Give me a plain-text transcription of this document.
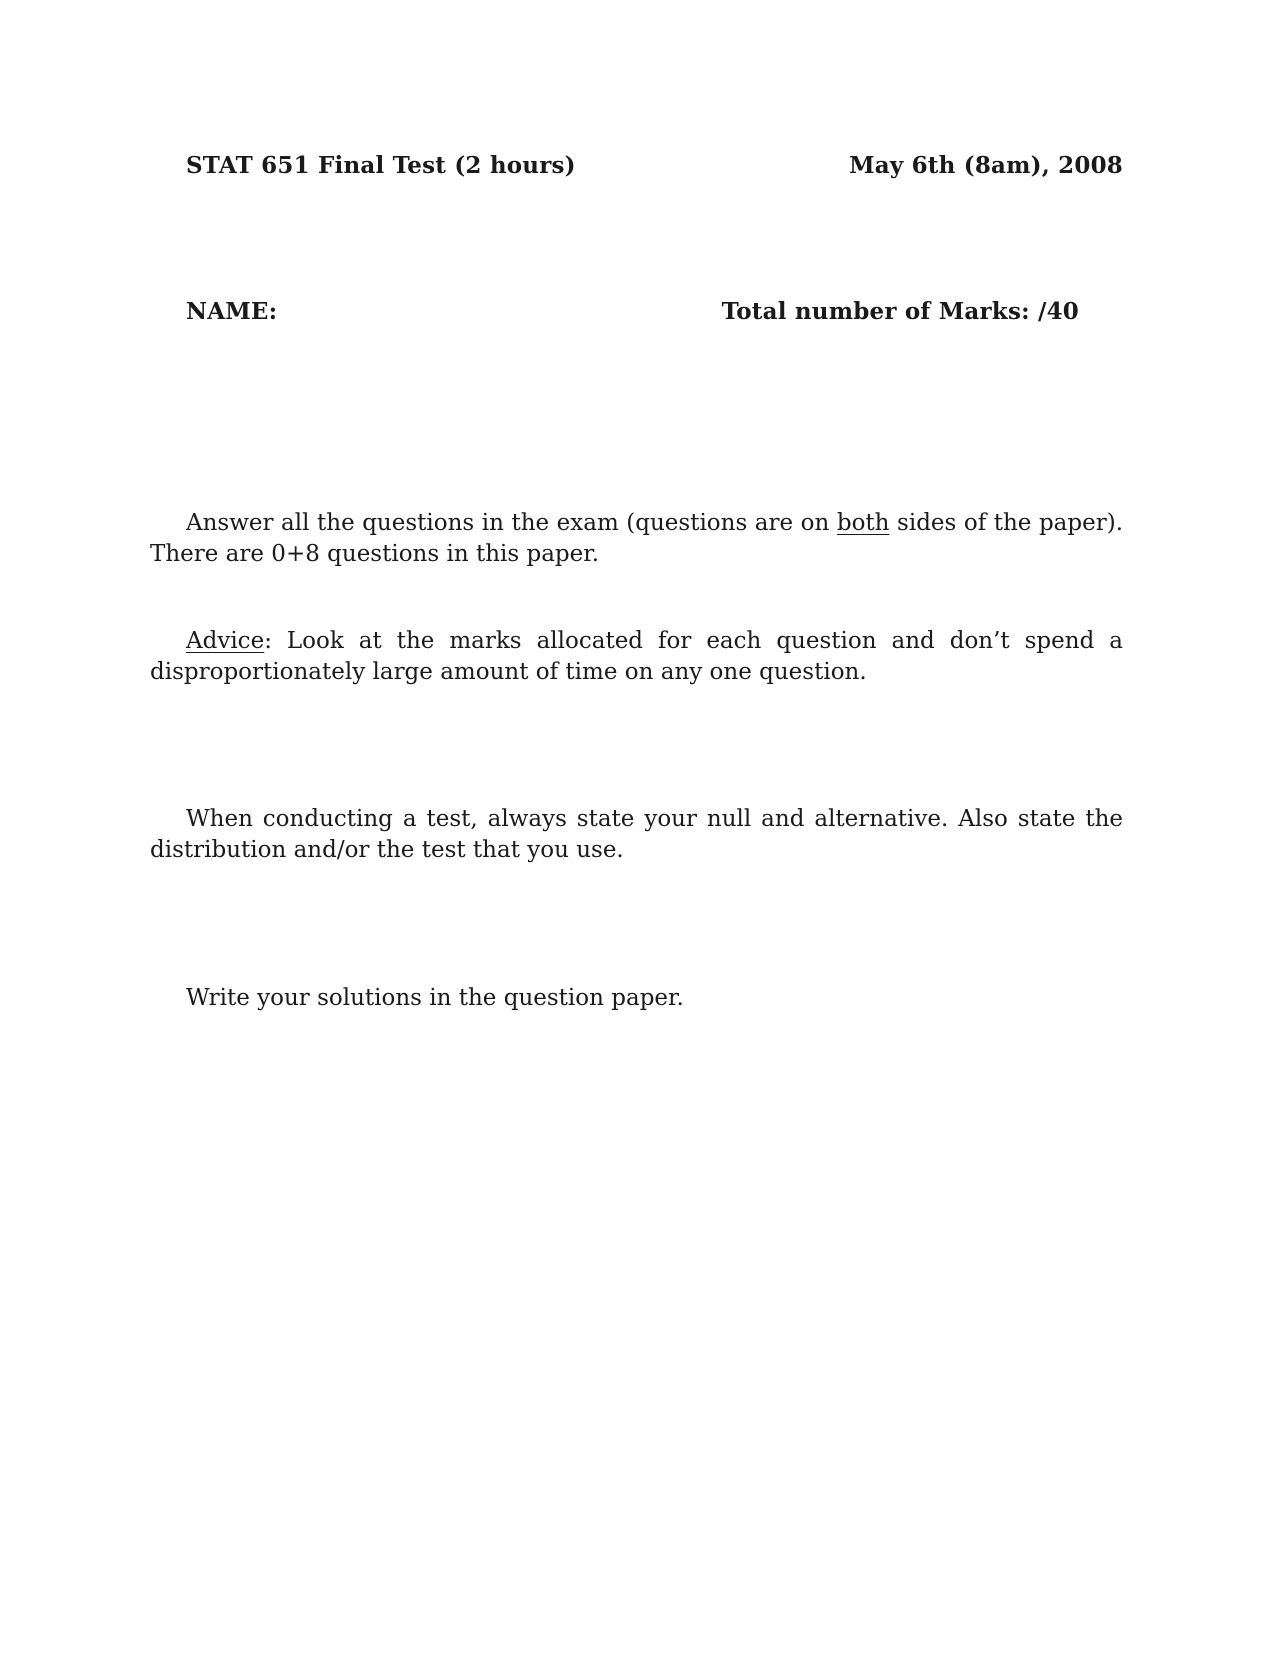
STAT 651 Final Test (2 hours)	May 6th (8am), 2008
NAME:	Total number of Marks: /40

Answer all the questions in the exam (questions are on both sides of the paper). There are 0+8 questions in this paper.

Advice: Look at the marks allocated for each question and don’t spend a disproportionately large amount of time on any one question.

When conducting a test, always state your null and alternative. Also state the distribution and/or the test that you use.

Write your solutions in the question paper.
